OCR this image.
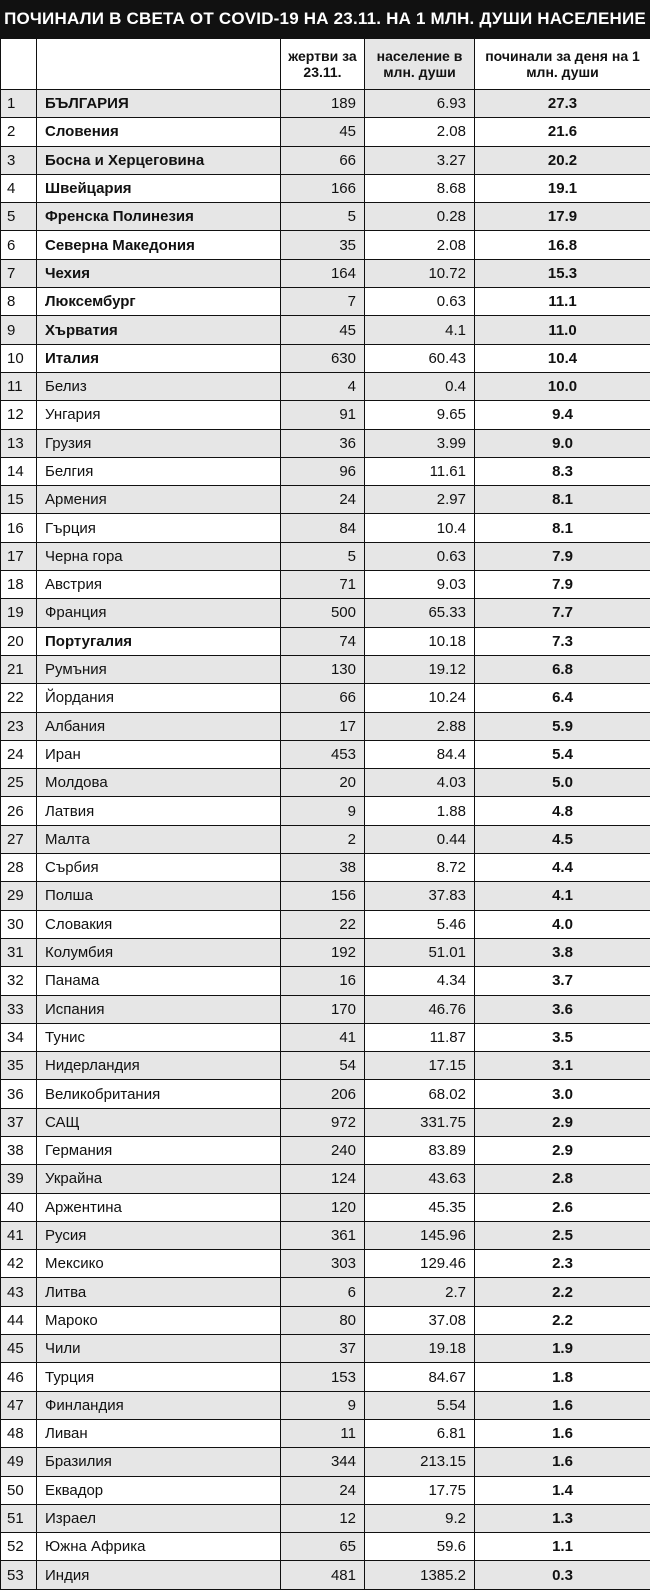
ПОЧИНАЛИ В СВЕТА ОТ COVID-19 НА 23.11. НА 1 МЛН. ДУШИ НАСЕЛЕНИЕ
		жертви за 23.11.	население в млн. души	починали за деня на 1 млн. души
1	БЪЛГАРИЯ	189	6.93	27.3
2	Словения	45	2.08	21.6
3	Босна и Херцеговина	66	3.27	20.2
4	Швейцария	166	8.68	19.1
5	Френска Полинезия	5	0.28	17.9
6	Северна Македония	35	2.08	16.8
7	Чехия	164	10.72	15.3
8	Люксембург	7	0.63	11.1
9	Хърватия	45	4.1	11.0
10	Италия	630	60.43	10.4
11	Белиз	4	0.4	10.0
12	Унгария	91	9.65	9.4
13	Грузия	36	3.99	9.0
14	Белгия	96	11.61	8.3
15	Армения	24	2.97	8.1
16	Гърция	84	10.4	8.1
17	Черна гора	5	0.63	7.9
18	Австрия	71	9.03	7.9
19	Франция	500	65.33	7.7
20	Португалия	74	10.18	7.3
21	Румъния	130	19.12	6.8
22	Йордания	66	10.24	6.4
23	Албания	17	2.88	5.9
24	Иран	453	84.4	5.4
25	Молдова	20	4.03	5.0
26	Латвия	9	1.88	4.8
27	Малта	2	0.44	4.5
28	Сърбия	38	8.72	4.4
29	Полша	156	37.83	4.1
30	Словакия	22	5.46	4.0
31	Колумбия	192	51.01	3.8
32	Панама	16	4.34	3.7
33	Испания	170	46.76	3.6
34	Тунис	41	11.87	3.5
35	Нидерландия	54	17.15	3.1
36	Великобритания	206	68.02	3.0
37	САЩ	972	331.75	2.9
38	Германия	240	83.89	2.9
39	Украйна	124	43.63	2.8
40	Аржентина	120	45.35	2.6
41	Русия	361	145.96	2.5
42	Мексико	303	129.46	2.3
43	Литва	6	2.7	2.2
44	Мароко	80	37.08	2.2
45	Чили	37	19.18	1.9
46	Турция	153	84.67	1.8
47	Финландия	9	5.54	1.6
48	Ливан	11	6.81	1.6
49	Бразилия	344	213.15	1.6
50	Еквадор	24	17.75	1.4
51	Израел	12	9.2	1.3
52	Южна Африка	65	59.6	1.1
53	Индия	481	1385.2	0.3
